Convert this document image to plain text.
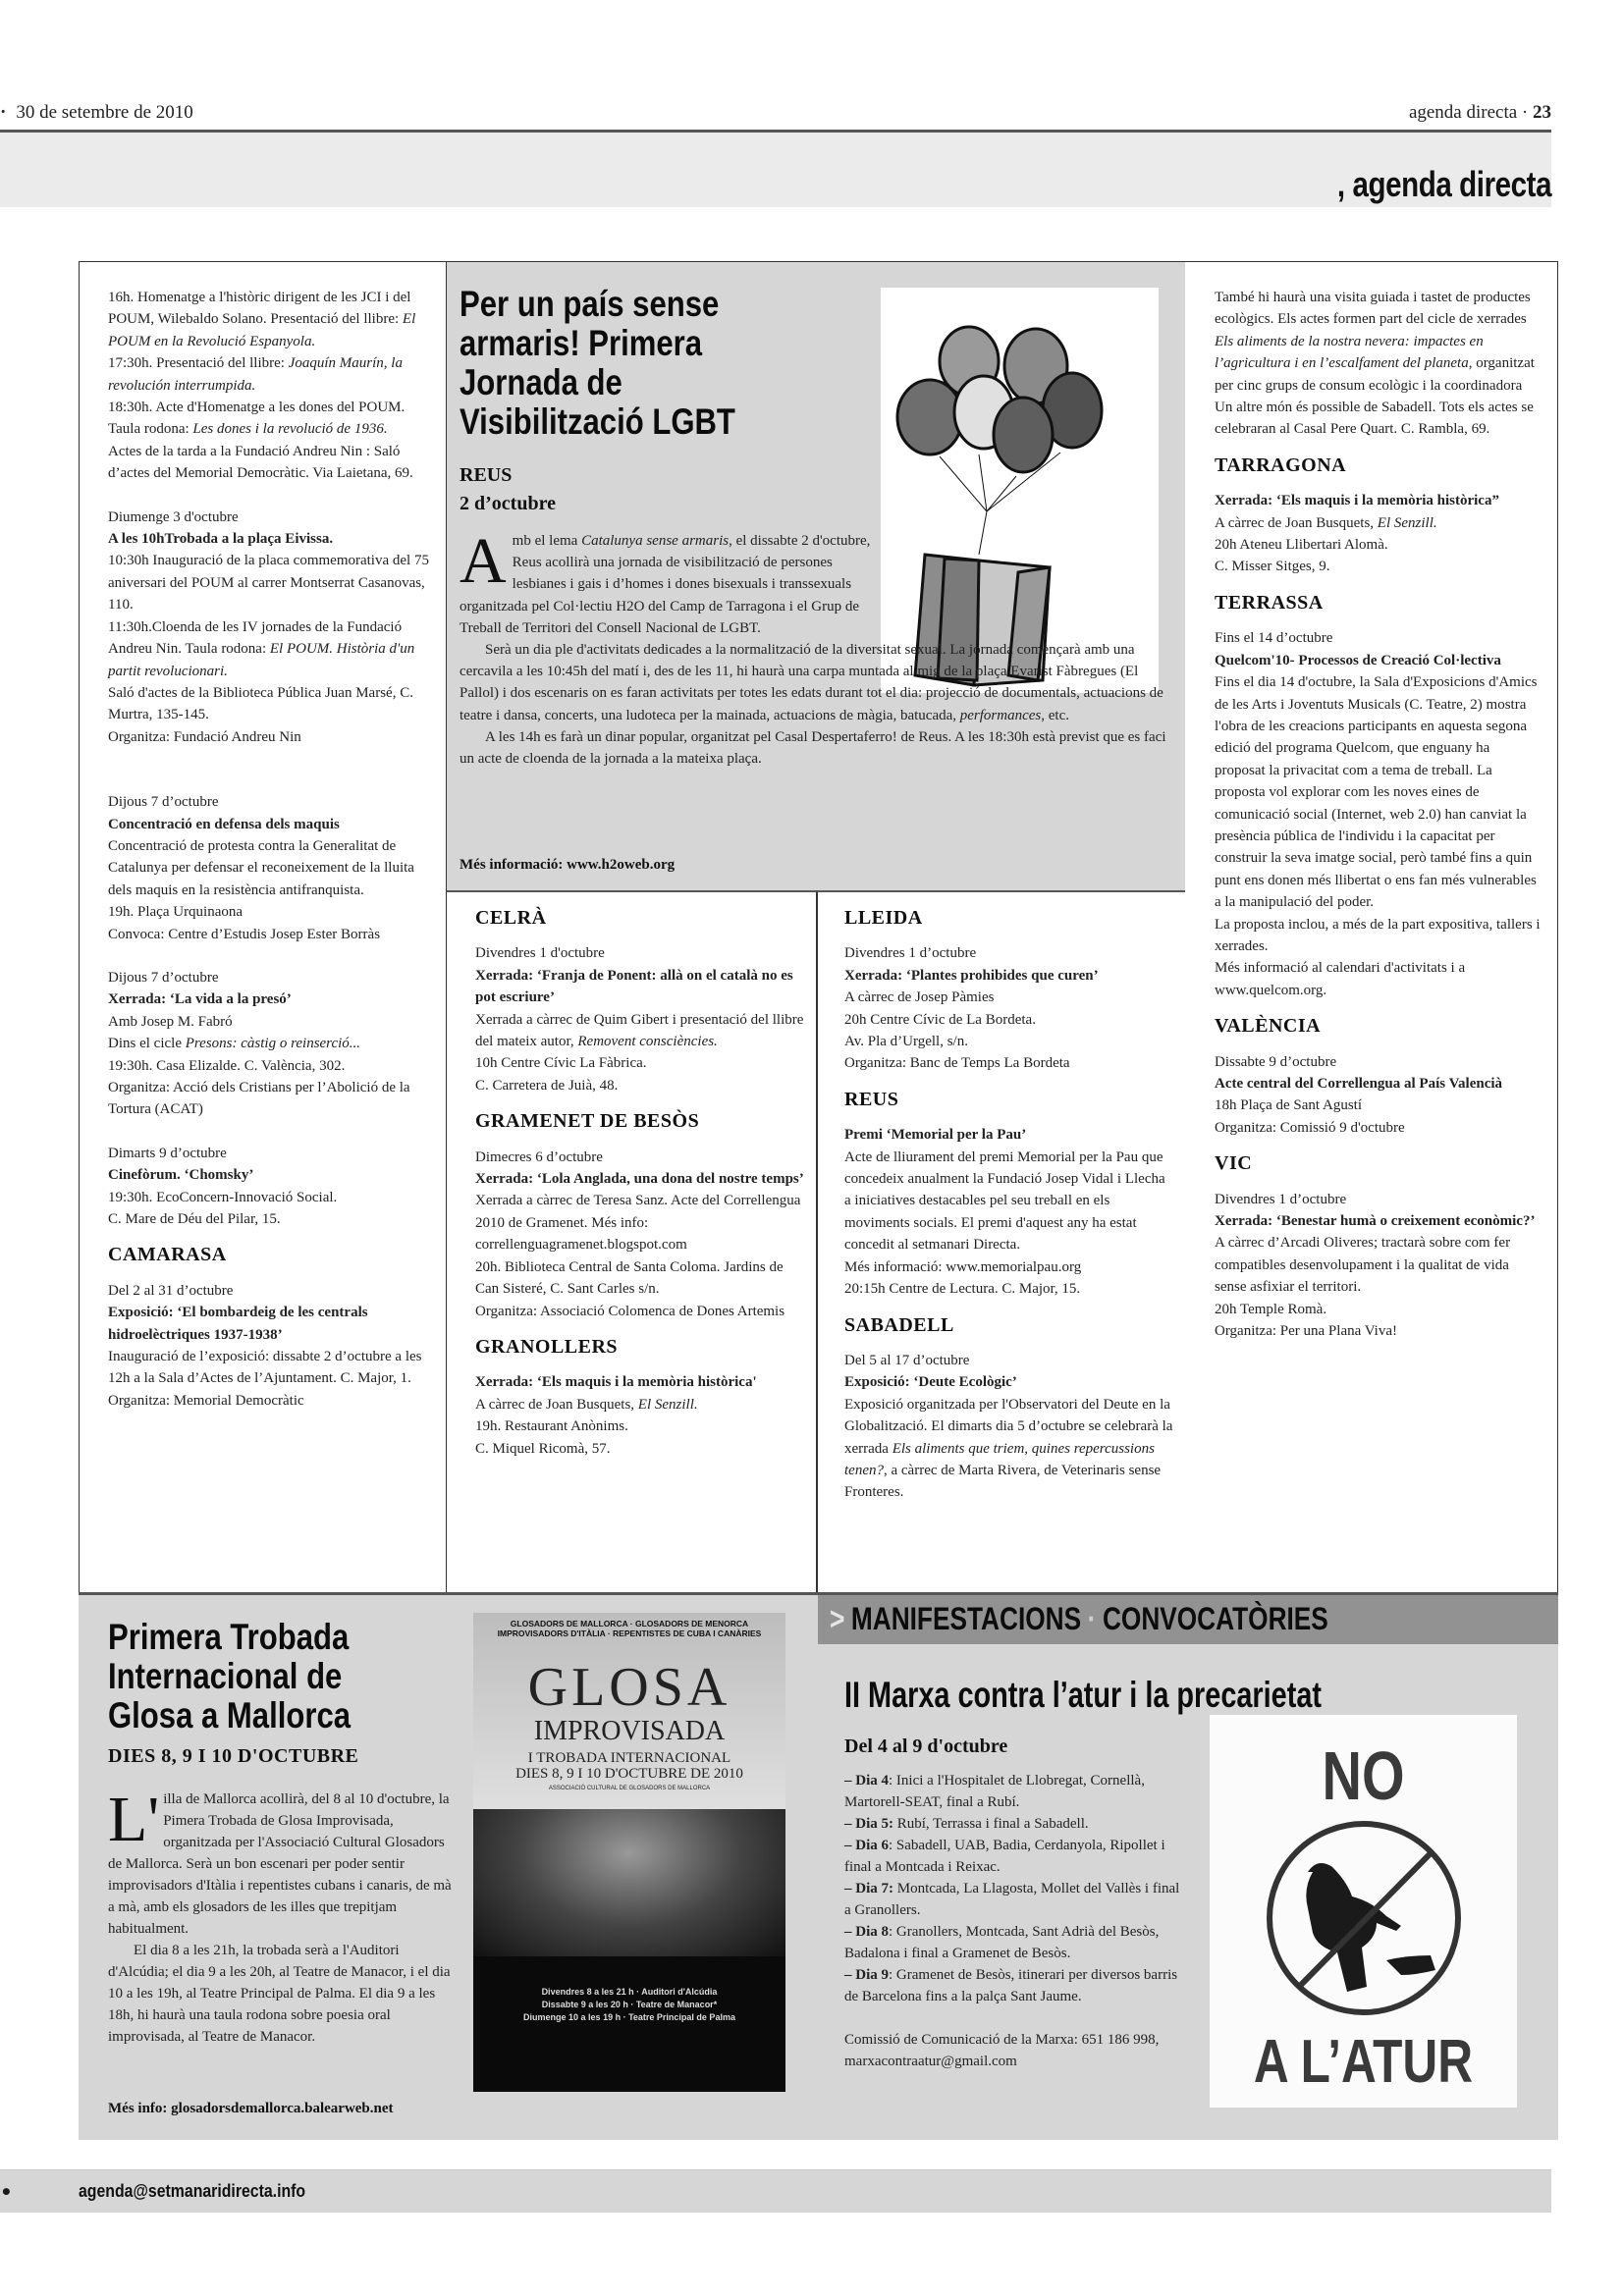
· 30 de setembre de 2010	agenda directa · 23
, agenda directa

16h. Homenatge a l'històric dirigent de les JCI i del POUM, Wilebaldo Solano. Presentació del llibre: El POUM en la Revolució Espanyola.
17:30h. Presentació del llibre: Joaquín Maurín, la revolución interrumpida.
18:30h. Acte d'Homenatge a les dones del POUM. Taula rodona: Les dones i la revolució de 1936.
Actes de la tarda a la Fundació Andreu Nin : Saló d’actes del Memorial Democràtic. Via Laietana, 69.

Diumenge 3 d'octubre
A les 10hTrobada a la plaça Eivissa.
10:30h Inauguració de la placa commemorativa del 75 aniversari del POUM al carrer Montserrat Casanovas, 110.
11:30h.Cloenda de les IV jornades de la Fundació Andreu Nin. Taula rodona: El POUM. Història d'un partit revolucionari.
Saló d'actes de la Biblioteca Pública Juan Marsé, C. Murtra, 135-145.
Organitza: Fundació Andreu Nin

Dijous 7 d’octubre
Concentració en defensa dels maquis
Concentració de protesta contra la Generalitat de Catalunya per defensar el reconeixement de la lluita dels maquis en la resistència antifranquista.
19h. Plaça Urquinaona
Convoca: Centre d’Estudis Josep Ester Borràs

Dijous 7 d’octubre
Xerrada: ‘La vida a la presó’
Amb Josep M. Fabró
Dins el cicle Presons: càstig o reinserció...
19:30h. Casa Elizalde. C. València, 302.
Organitza: Acció dels Cristians per l’Abolició de la Tortura (ACAT)

Dimarts 9 d’octubre
Cinefòrum. ‘Chomsky’
19:30h. EcoConcern-Innovació Social.
C. Mare de Déu del Pilar, 15.

CAMARASA

Del 2 al 31 d’octubre
Exposició: ‘El bombardeig de les centrals hidroelèctriques 1937-1938’
Inauguració de l’exposició: dissabte 2 d’octubre a les 12h a la Sala d’Actes de l’Ajuntament. C. Major, 1.
Organitza: Memorial Democràtic

Per un país sense armaris! Primera Jornada de Visibilització LGBT
REUS
2 d’octubre

Amb el lema Catalunya sense armaris, el dissabte 2 d'octubre, Reus acollirà una jornada de visibilització de persones lesbianes i gais i d’homes i dones bisexuals i transsexuals organitzada pel Col·lectiu H2O del Camp de Tarragona i el Grup de Treball de Territori del Consell Nacional de LGBT.

Serà un dia ple d'activitats dedicades a la normalització de la diversitat sexual. La jornada començarà amb una cercavila a les 10:45h del matí i, des de les 11, hi haurà una carpa muntada al mig de la plaça Evarist Fàbregues (El Pallol) i dos escenaris on es faran activitats per totes les edats durant tot el dia: projecció de documentals, actuacions de teatre i dansa, concerts, una ludoteca per la mainada, actuacions de màgia, batucada, performances, etc.

A les 14h es farà un dinar popular, organitzat pel Casal Despertaferro! de Reus. A les 18:30h està previst que es faci un acte de cloenda de la jornada a la mateixa plaça.

Més informació: www.h2oweb.org
CELRÀ

Divendres 1 d'octubre
Xerrada: ‘Franja de Ponent: allà on el català no es pot escriure’
Xerrada a càrrec de Quim Gibert i presentació del llibre del mateix autor, Removent consciències.
10h Centre Cívic La Fàbrica.
C. Carretera de Juià, 48.

GRAMENET DE BESÒS

Dimecres 6 d’octubre
Xerrada: ‘Lola Anglada, una dona del nostre temps’
Xerrada a càrrec de Teresa Sanz. Acte del Correllengua 2010 de Gramenet. Més info: correllenguagramenet.blogspot.com
20h. Biblioteca Central de Santa Coloma. Jardins de Can Sisteré, C. Sant Carles s/n.
Organitza: Associació Colomenca de Dones Artemis

GRANOLLERS

Xerrada: ‘Els maquis i la memòria històrica'
A càrrec de Joan Busquets, El Senzill.
19h. Restaurant Anònims.
C. Miquel Ricomà, 57.

LLEIDA

Divendres 1 d’octubre
Xerrada: ‘Plantes prohibides que curen’
A càrrec de Josep Pàmies
20h Centre Cívic de La Bordeta.
Av. Pla d’Urgell, s/n.
Organitza: Banc de Temps La Bordeta

REUS

Premi ‘Memorial per la Pau’
Acte de lliurament del premi Memorial per la Pau que concedeix anualment la Fundació Josep Vidal i Llecha a iniciatives destacables pel seu treball en els moviments socials. El premi d'aquest any ha estat concedit al setmanari Directa.
Més informació: www.memorialpau.org
20:15h Centre de Lectura. C. Major, 15.

SABADELL

Del 5 al 17 d’octubre
Exposició: ‘Deute Ecològic’
Exposició organitzada per l'Observatori del Deute en la Globalització. El dimarts dia 5 d’octubre se celebrarà la xerrada Els aliments que triem, quines repercussions tenen?, a càrrec de Marta Rivera, de Veterinaris sense Fronteres.

També hi haurà una visita guiada i tastet de productes ecològics. Els actes formen part del cicle de xerrades Els aliments de la nostra nevera: impactes en l’agricultura i en l’escalfament del planeta, organitzat per cinc grups de consum ecològic i la coordinadora Un altre món és possible de Sabadell. Tots els actes se celebraran al Casal Pere Quart. C. Rambla, 69.

TARRAGONA

Xerrada: ‘Els maquis i la memòria històrica”
A càrrec de Joan Busquets, El Senzill.
20h Ateneu Llibertari Alomà.
C. Misser Sitges, 9.

TERRASSA

Fins el 14 d’octubre
Quelcom'10- Processos de Creació Col·lectiva
Fins el dia 14 d'octubre, la Sala d'Exposicions d'Amics de les Arts i Joventuts Musicals (C. Teatre, 2) mostra l'obra de les creacions participants en aquesta segona edició del programa Quelcom, que enguany ha proposat la privacitat com a tema de treball. La proposta vol explorar com les noves eines de comunicació social (Internet, web 2.0) han canviat la presència pública de l'individu i la capacitat per construir la seva imatge social, però també fins a quin punt ens donen més llibertat o ens fan més vulnerables a la manipulació del poder.
La proposta inclou, a més de la part expositiva, tallers i xerrades.
Més informació al calendari d'activitats i a www.quelcom.org.

VALÈNCIA

Dissabte 9 d’octubre
Acte central del Correllengua al País Valencià
18h Plaça de Sant Agustí
Organitza: Comissió 9 d'octubre

VIC

Divendres 1 d’octubre
Xerrada: ‘Benestar humà o creixement econòmic?’
A càrrec d’Arcadi Oliveres; tractarà sobre com fer compatibles desenvolupament i la qualitat de vida sense asfixiar el territori.
20h Temple Romà.
Organitza: Per una Plana Viva!

Primera Trobada Internacional de Glosa a Mallorca
DIES 8, 9 I 10 D'OCTUBRE

L' illa de Mallorca acollirà, del 8 al 10 d'octubre, la Pimera Trobada de Glosa Improvisada, organitzada per l'Associació Cultural Glosadors de Mallorca. Serà un bon escenari per poder sentir improvisadors d'Itàlia i repentistes cubans i canaris, de mà a mà, amb els glosadors de les illes que trepitjam habitualment.

El dia 8 a les 21h, la trobada serà a l'Auditori d'Alcúdia; el dia 9 a les 20h, al Teatre de Manacor, i el dia 10 a les 19h, al Teatre Principal de Palma. El dia 9 a les 18h, hi haurà una taula rodona sobre poesia oral improvisada, al Teatre de Manacor.

Més info: glosadorsdemallorca.balearweb.net
GLOSADORS DE MALLORCA · GLOSADORS DE MENORCA
IMPROVISADORS D'ITÀLIA · REPENTISTES DE CUBA I CANÀRIES
GLOSA
IMPROVISADA
I TROBADA INTERNACIONAL
DIES 8, 9 I 10 D'OCTUBRE DE 2010
ASSOCIACIÓ CULTURAL DE GLOSADORS DE MALLORCA
Divendres 8 a les 21 h · Auditori d'Alcúdia
Dissabte 9 a les 20 h · Teatre de Manacor*
Diumenge 10 a les 19 h · Teatre Principal de Palma
> MANIFESTACIONS · CONVOCATÒRIES
II Marxa contra l’atur i la precarietat
Del 4 al 9 d'octubre

– Dia 4: Inici a l'Hospitalet de Llobregat, Cornellà, Martorell-SEAT, final a Rubí.

– Dia 5: Rubí, Terrassa i final a Sabadell.

– Dia 6: Sabadell, UAB, Badia, Cerdanyola, Ripollet i final a Montcada i Reixac.

– Dia 7: Montcada, La Llagosta, Mollet del Vallès i final a Granollers.

– Dia 8: Granollers, Montcada, Sant Adrià del Besòs, Badalona i final a Gramenet de Besòs.

– Dia 9: Gramenet de Besòs, itinerari per diversos barris de Barcelona fins a la palça Sant Jaume.

Comissió de Comunicació de la Marxa: 651 186 998, marxacontraatur@gmail.com

NO
A L’ATUR
•	agenda@setmanaridirecta.info
